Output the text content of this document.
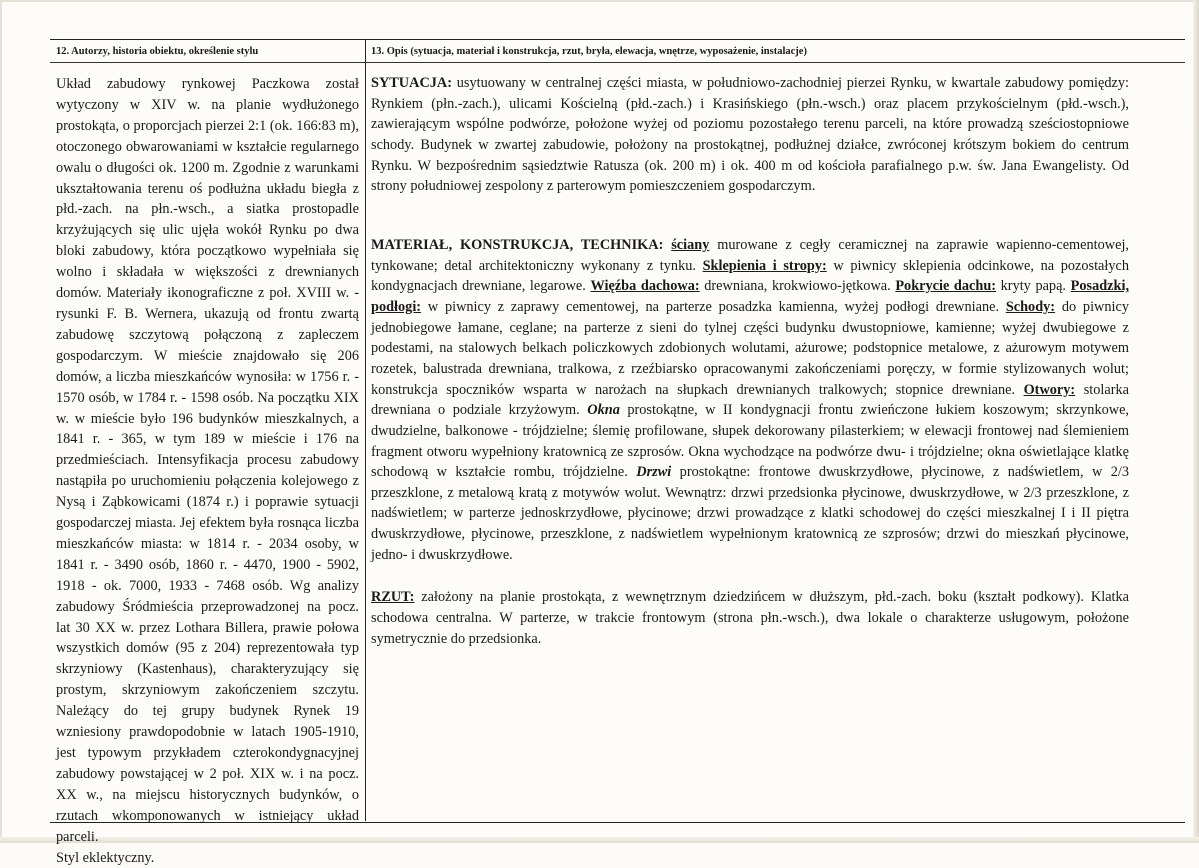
12. Autorzy, historia obiektu, określenie stylu	13. Opis (sytuacja, materiał i konstrukcja, rzut, bryła, elewacja, wnętrze, wyposażenie, instalacje)
Układ zabudowy rynkowej Paczkowa został wytyczony w XIV w. na planie wydłużonego prostokąta, o proporcjach pierzei 2:1 (ok. 166:83 m), otoczonego obwarowaniami w kształcie regularnego owalu o długości ok. 1200 m. Zgodnie z warunkami ukształtowania terenu oś podłużna układu biegła z płd.-zach. na płn.-wsch., a siatka prostopadle krzyżujących się ulic ujęła wokół Rynku po dwa bloki zabudowy, która początkowo wypełniała się wolno i składała w większości z drewnianych domów. Materiały ikonograficzne z poł. XVIII w. - rysunki F. B. Wernera, ukazują od frontu zwartą zabudowę szczytową połączoną z zapleczem gospodarczym. W mieście znajdowało się 206 domów, a liczba mieszkańców wynosiła: w 1756 r. - 1570 osób, w 1784 r. - 1598 osób. Na początku XIX w. w mieście było 196 budynków mieszkalnych, a 1841 r. - 365, w tym 189 w mieście i 176 na przedmieściach. Intensyfikacja procesu zabudowy nastąpiła po uruchomieniu połączenia kolejowego z Nysą i Ząbkowicami (1874 r.) i poprawie sytuacji gospodarczej miasta. Jej efektem była rosnąca liczba mieszkańców miasta: w 1814 r. - 2034 osoby, w 1841 r. - 3490 osób, 1860 r. - 4470, 1900 - 5902, 1918 - ok. 7000, 1933 - 7468 osób. Wg analizy zabudowy Śródmieścia przeprowadzonej na pocz. lat 30 XX w. przez Lothara Billera, prawie połowa wszystkich domów (95 z 204) reprezentowała typ skrzyniowy (Kastenhaus), charakteryzujący się prostym, skrzyniowym zakończeniem szczytu. Należący do tej grupy budynek Rynek 19 wzniesiony prawdopodobnie w latach 1905-1910, jest typowym przykładem czterokondygnacyjnej zabudowy powstającej w 2 poł. XIX w. i na pocz. XX w., na miejscu historycznych budynków, o rzutach wkomponowanych w istniejący układ parceli.
Styl eklektyczny.
SYTUACJA: usytuowany w centralnej części miasta, w południowo-zachodniej pierzei Rynku, w kwartale zabudowy pomiędzy: Rynkiem (płn.-zach.), ulicami Kościelną (płd.-zach.) i Krasińskiego (płn.-wsch.) oraz placem przykościelnym (płd.-wsch.), zawierającym wspólne podwórze, położone wyżej od poziomu pozostałego terenu parceli, na które prowadzą sześciostopniowe schody. Budynek w zwartej zabudowie, położony na prostokątnej, podłużnej działce, zwróconej krótszym bokiem do centrum Rynku. W bezpośrednim sąsiedztwie Ratusza (ok. 200 m) i ok. 400 m od kościoła parafialnego p.w. św. Jana Ewangelisty. Od strony południowej zespolony z parterowym pomieszczeniem gospodarczym.
MATERIAŁ, KONSTRUKCJA, TECHNIKA: ściany murowane z cegły ceramicznej na zaprawie wapienno-cementowej, tynkowane; detal architektoniczny wykonany z tynku. Sklepienia i stropy: w piwnicy sklepienia odcinkowe, na pozostałych kondygnacjach drewniane, legarowe. Więźba dachowa: drewniana, krokwiowo-jętkowa. Pokrycie dachu: kryty papą. Posadzki, podłogi: w piwnicy z zaprawy cementowej, na parterze posadzka kamienna, wyżej podłogi drewniane. Schody: do piwnicy jednobiegowe łamane, ceglane; na parterze z sieni do tylnej części budynku dwustopniowe, kamienne; wyżej dwubiegowe z podestami, na stalowych belkach policzkowych zdobionych wolutami, ażurowe; podstopnice metalowe, z ażurowym motywem rozetek, balustrada drewniana, tralkowa, z rzeźbiarsko opracowanymi zakończeniami poręczy, w formie stylizowanych wolut; konstrukcja spoczników wsparta w narożach na słupkach drewnianych tralkowych; stopnice drewniane. Otwory: stolarka drewniana o podziale krzyżowym. Okna prostokątne, w II kondygnacji frontu zwieńczone łukiem koszowym; skrzynkowe, dwudzielne, balkonowe - trójdzielne; ślemię profilowane, słupek dekorowany pilasterkiem; w elewacji frontowej nad ślemieniem fragment otworu wypełniony kratownicą ze szprosów. Okna wychodzące na podwórze dwu- i trójdzielne; okna oświetlające klatkę schodową w kształcie rombu, trójdzielne. Drzwi prostokątne: frontowe dwuskrzydłowe, płycinowe, z nadświetlem, w 2/3 przeszklone, z metalową kratą z motywów wolut. Wewnątrz: drzwi przedsionka płycinowe, dwuskrzydłowe, w 2/3 przeszklone, z nadświetlem; w parterze jednoskrzydłowe, płycinowe; drzwi prowadzące z klatki schodowej do części mieszkalnej I i II piętra dwuskrzydłowe, płycinowe, przeszklone, z nadświetlem wypełnionym kratownicą ze szprosów; drzwi do mieszkań płycinowe, jedno- i dwuskrzydłowe.
RZUT: założony na planie prostokąta, z wewnętrznym dziedzińcem w dłuższym, płd.-zach. boku (kształt podkowy). Klatka schodowa centralna. W parterze, w trakcie frontowym (strona płn.-wsch.), dwa lokale o charakterze usługowym, położone symetrycznie do przedsionka.
